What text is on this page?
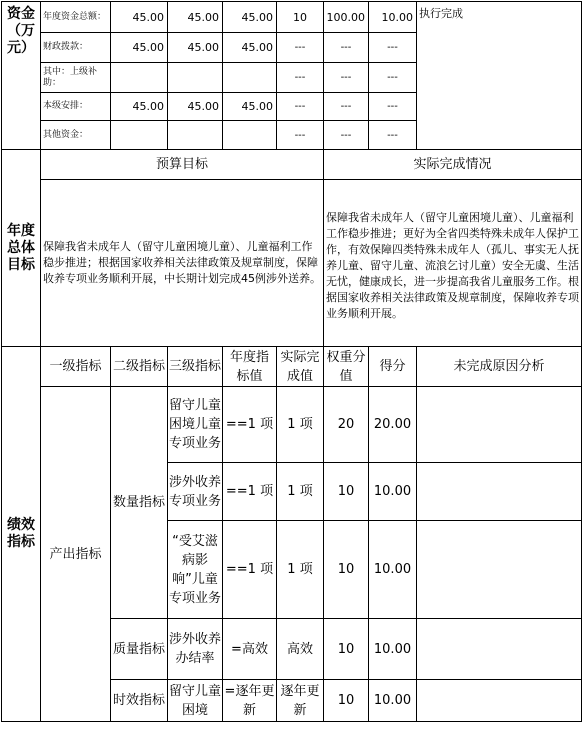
资金（万元）	年度资金总额：	45.00	45.00	45.00	10	100.00	10.00	执行完成
	财政拨款：	45.00	45.00	45.00	---	---	---	
	其中：上级补助：				---	---	---	
	本级安排：	45.00	45.00	45.00	---	---	---	
	其他资金：				---	---	---	
年度总体目标	预算目标					实际完成情况		
	保障我省未成年人（留守儿童困境儿童）、儿童福利工作稳步推进；根据国家收养相关法律政策及规章制度，保障收养专项业务顺利开展，中长期计划完成45例涉外送养。					保障我省未成年人（留守儿童困境儿童）、儿童福利工作稳步推进；更好为全省四类特殊未成年人保护工作，有效保障四类特殊未成年人（孤儿、事实无人抚养儿童、留守儿童、流浪乞讨儿童）安全无虞、生活无忧，健康成长，进一步提高我省儿童服务工作。根据国家收养相关法律政策及规章制度，保障收养专项业务顺利开展。		
绩效指标	一级指标	二级指标	三级指标	年度指标值	实际完成值	权重分值	得分	未完成原因分析
	产出指标	数量指标	留守儿童困境儿童专项业务	==1 项	1 项	20	20.00	
			涉外收养专项业务	==1 项	1 项	10	10.00	
			“受艾滋病影响”儿童专项业务	==1 项	1 项	10	10.00	
		质量指标	涉外收养办结率	=高效	高效	10	10.00	
		时效指标	留守儿童困境	=逐年更新	逐年更新	10	10.00	
